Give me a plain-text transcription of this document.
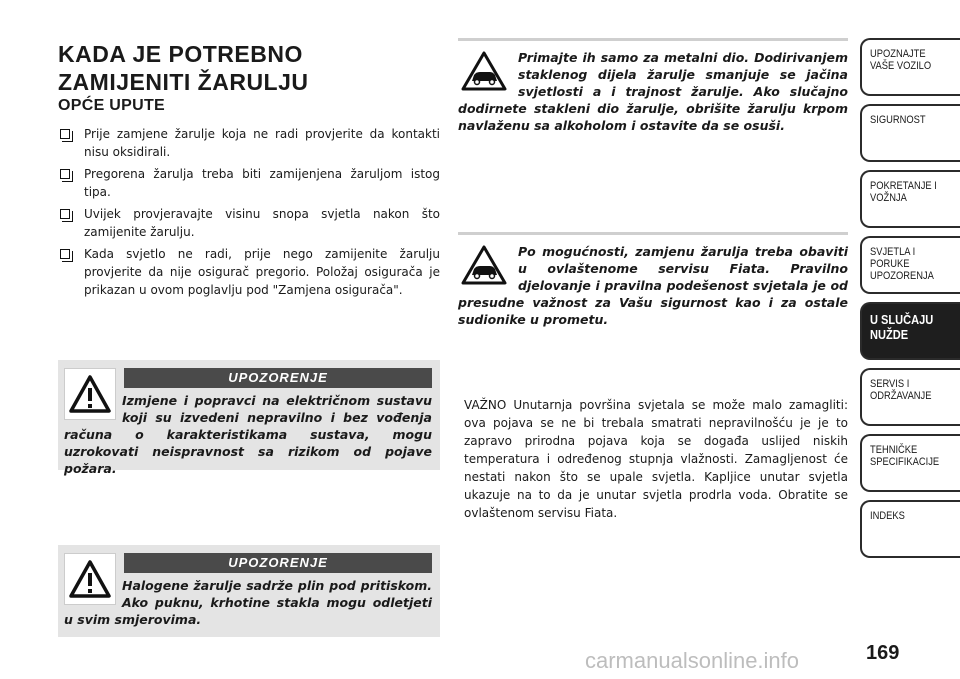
KADA JE POTREBNO ZAMIJENITI ŽARULJU
OPĆE UPUTE
Prije zamjene žarulje koja ne radi provjerite da kontakti nisu oksidirali.
Pregorena žarulja treba biti zamijenjena žaruljom istog tipa.
Uvijek provjeravajte visinu snopa svjetla nakon što zamijenite žarulju.
Kada svjetlo ne radi, prije nego zamijenite žarulju provjerite da nije osigurač pregorio. Položaj osigurača je prikazan u ovom poglavlju pod "Zamjena osigurača".
UPOZORENJE

Izmjene i popravci na električnom sustavu koji su izvedeni nepravilno i bez vođenja računa o karakteristikama sustava, mogu uzrokovati neispravnost sa rizikom od pojave požara.

UPOZORENJE

Halogene žarulje sadrže plin pod pritiskom. Ako puknu, krhotine stakla mogu odletjeti u svim smjerovima.

Primajte ih samo za metalni dio. Dodirivanjem staklenog dijela žarulje smanjuje se jačina svjetlosti a i trajnost žarulje. Ako slučajno dodirnete stakleni dio žarulje, obrišite žarulju krpom navlaženu sa alkoholom i ostavite da se osuši.

Po mogućnosti, zamjenu žarulja treba obaviti u ovlaštenome servisu Fiata. Pravilno djelovanje i pravilna podešenost svjetala je od presudne važnost za Vašu sigurnost kao i za ostale sudionike u prometu.

VAŽNO Unutarnja površina svjetala se može malo zamagliti: ova pojava se ne bi trebala smatrati nepravilnošću je je to zapravo prirodna pojava koja se događa uslijed niskih temperatura i određenog stupnja vlažnosti. Zamagljenost će nestati nakon što se upale svjetla. Kapljice unutar svjetla ukazuje na to da je unutar svjetla prodrla voda. Obratite se ovlaštenom servisu Fiata.

UPOZNAJTE VAŠE VOZILO
SIGURNOST
POKRETANJE I VOŽNJA
SVJETLA I PORUKE UPOZORENJA
U SLUČAJU NUŽDE
SERVIS I ODRŽAVANJE
TEHNIČKE SPECIFIKACIJE
INDEKS
169
carmanualsonline.info
